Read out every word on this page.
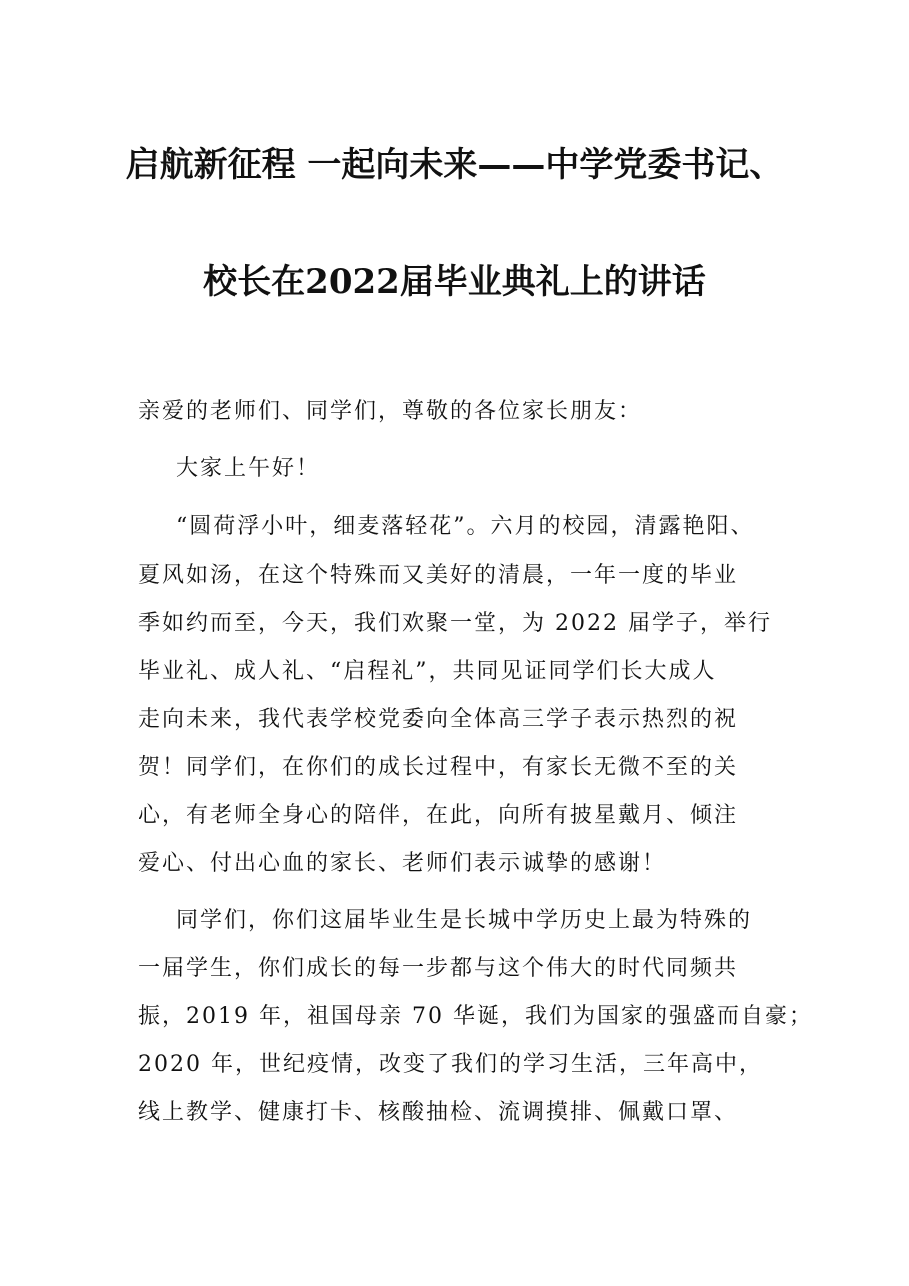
启航新征程 一起向未来——中学党委书记、
校长在2022届毕业典礼上的讲话
亲爱的老师们、同学们，尊敬的各位家长朋友：
大家上午好！
“圆荷浮小叶，细麦落轻花”。六月的校园，清露艳阳、
夏风如汤，在这个特殊而又美好的清晨，一年一度的毕业
季如约而至，今天，我们欢聚一堂，为 2022 届学子，举行
毕业礼、成人礼、“启程礼”，共同见证同学们长大成人
走向未来，我代表学校党委向全体高三学子表示热烈的祝
贺！同学们，在你们的成长过程中，有家长无微不至的关
心，有老师全身心的陪伴，在此，向所有披星戴月、倾注
爱心、付出心血的家长、老师们表示诚挚的感谢！
同学们，你们这届毕业生是长城中学历史上最为特殊的
一届学生，你们成长的每一步都与这个伟大的时代同频共
振，2019 年，祖国母亲 70 华诞，我们为国家的强盛而自豪；
2020 年，世纪疫情，改变了我们的学习生活，三年高中，
线上教学、健康打卡、核酸抽检、流调摸排、佩戴口罩、
